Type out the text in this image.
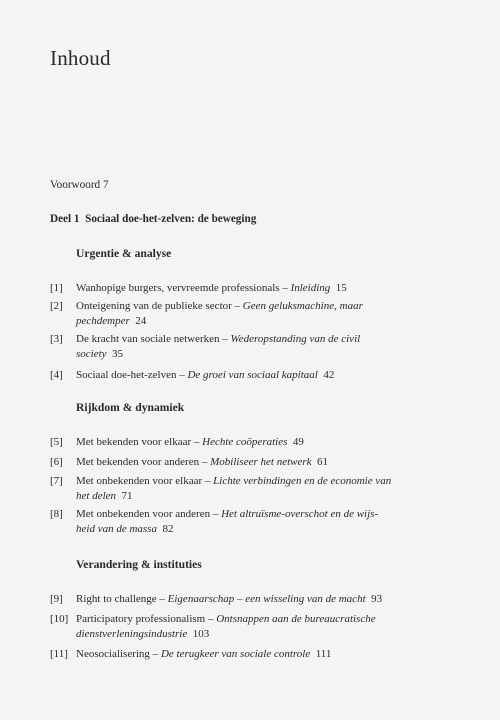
Inhoud
Voorwoord 7
Deel 1 Sociaal doe-het-zelven: de beweging
Urgentie & analyse
[1]	Wanhopige burgers, vervreemde professionals – Inleiding 15
[2]	Onteigening van de publieke sector – Geen geluksmachine, maar
pechdemper 24
[3]	De kracht van sociale netwerken – Wederopstanding van de civil
society 35
[4]	Sociaal doe-het-zelven – De groei van sociaal kapitaal 42
Rijkdom & dynamiek
[5]	Met bekenden voor elkaar – Hechte coöperaties 49
[6]	Met bekenden voor anderen – Mobiliseer het netwerk 61
[7]	Met onbekenden voor elkaar – Lichte verbindingen en de economie van
het delen 71
[8]	Met onbekenden voor anderen – Het altruïsme-overschot en de wijs-
heid van de massa 82
Verandering & instituties
[9]	Right to challenge – Eigenaarschap – een wisseling van de macht 93
[10] Participatory professionalism – Ontsnappen aan de bureaucratische
dienstverleningsindustrie 103
[11] Neosocialisering – De terugkeer van sociale controle 111
